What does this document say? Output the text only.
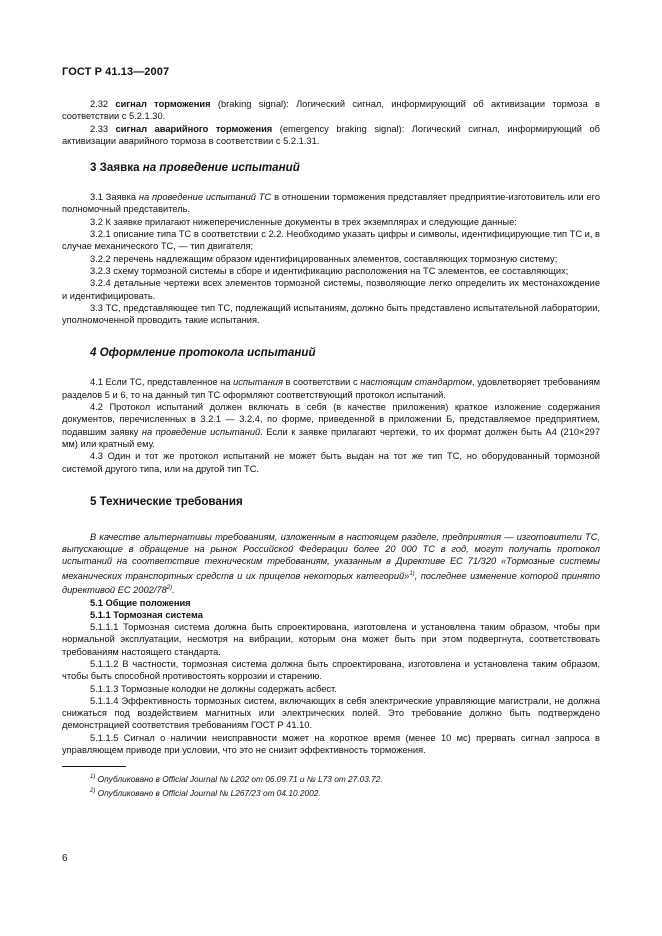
ГОСТ Р 41.13—2007

2.32 сигнал торможения (braking signal): Логический сигнал, информирующий об активизации тормоза в соответствии с 5.2.1.30.

2.33 сигнал аварийного торможения (emergency braking signal): Логический сигнал, информирующий об активизации аварийного тормоза в соответствии с 5.2.1.31.

3 Заявка на проведение испытаний

3.1 Заявка на проведение испытаний ТС в отношении торможения представляет предприятие-изготовитель или его полномочный представитель.

3.2 К заявке прилагают нижеперечисленные документы в трех экземплярах и следующие данные:

3.2.1 описание типа ТС в соответствии с 2.2. Необходимо указать цифры и символы, идентифицирующие тип ТС и, в случае механического ТС, — тип двигателя;

3.2.2 перечень надлежащим образом идентифицированных элементов, составляющих тормозную систему;

3.2.3 схему тормозной системы в сборе и идентификацию расположения на ТС элементов, ее составляющих;

3.2.4 детальные чертежи всех элементов тормозной системы, позволяющие легко определить их местонахождение и идентифицировать.

3.3 ТС, представляющее тип ТС, подлежащий испытаниям, должно быть представлено испытательной лаборатории, уполномоченной проводить такие испытания.

4 Оформление протокола испытаний

4.1 Если ТС, представленное на испытания в соответствии с настоящим стандартом, удовлетворяет требованиям разделов 5 и 6, то на данный тип ТС оформляют соответствующий протокол испытаний.

4.2 Протокол испытаний должен включать в себя (в качестве приложения) краткое изложение содержания документов, перечисленных в 3.2.1 — 3.2.4, по форме, приведенной в приложении Б, представляемое предприятием, подавшим заявку на проведение испытаний. Если к заявке прилагают чертежи, то их формат должен быть А4 (210×297 мм) или кратный ему.

4.3 Один и тот же протокол испытаний не может быть выдан на тот же тип ТС, но оборудованный тормозной системой другого типа, или на другой тип ТС.

5 Технические требования

В качестве альтернативы требованиям, изложенным в настоящем разделе, предприятия — изготовители ТС, выпускающие в обращение на рынок Российской Федерации более 20 000 ТС в год, могут получать протокол испытаний на соответствие техническим требованиям, указанным в Директиве ЕС 71/320 «Тормозные системы механических транспортных средств и их прицепов некоторых категорий»$^{1)}$, последнее изменение которой принято директивой ЕС 2002/78$^{2)}$.

5.1 Общие положения

5.1.1 Тормозная система

5.1.1.1 Тормозная система должна быть спроектирована, изготовлена и установлена таким образом, чтобы при нормальной эксплуатации, несмотря на вибрации, которым она может быть при этом подвергнута, соответствовать требованиям настоящего стандарта.

5.1.1.2 В частности, тормозная система должна быть спроектирована, изготовлена и установлена таким образом, чтобы быть способной противостоять коррозии и старению.

5.1.1.3 Тормозные колодки не должны содержать асбест.

5.1.1.4 Эффективность тормозных систем, включающих в себя электрические управляющие магистрали, не должна снижаться под воздействием магнитных или электрических полей. Это требование должно быть подтверждено демонстрацией соответствия требованиям ГОСТ Р 41.10.

5.1.1.5 Сигнал о наличии неисправности может на короткое время (менее 10 мс) прервать сигнал запроса в управляющем приводе при условии, что это не снизит эффективность торможения.

$^{1)}$ Опубликовано в Official Journal № L202 от 06.09.71 и № L73 от 27.03.72.
$^{2)}$ Опубликовано в Official Journal № L267/23 от 04.10.2002.
6
